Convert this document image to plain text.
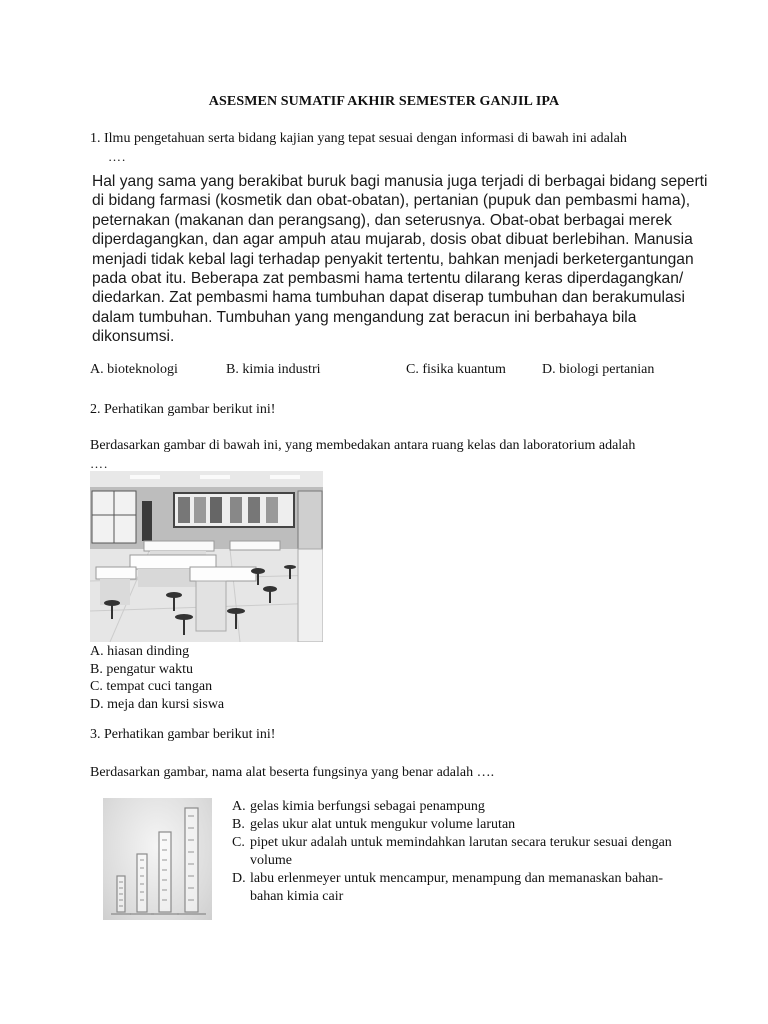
ASESMEN SUMATIF AKHIR SEMESTER GANJIL IPA
1. Ilmu pengetahuan serta bidang kajian yang tepat sesuai dengan informasi di bawah ini adalah
….
Hal yang sama yang berakibat buruk bagi manusia juga terjadi di berbagai bidang seperti
di bidang farmasi (kosmetik dan obat-obatan), pertanian (pupuk dan pembasmi hama),
peternakan (makanan dan perangsang), dan seterusnya. Obat-obat berbagai merek
diperdagangkan, dan agar ampuh atau mujarab, dosis obat dibuat berlebihan. Manusia
menjadi tidak kebal lagi terhadap penyakit tertentu, bahkan menjadi berketergantungan
pada obat itu. Beberapa zat pembasmi hama tertentu dilarang keras diperdagangkan/
diedarkan. Zat pembasmi hama tumbuhan dapat diserap tumbuhan dan berakumulasi
dalam tumbuhan. Tumbuhan yang mengandung zat beracun ini berbahaya bila
dikonsumsi.
A. bioteknologi	B. kimia industri	C. fisika kuantum	D. biologi pertanian
2. Perhatikan gambar berikut ini!
Berdasarkan gambar di bawah ini, yang membedakan antara ruang kelas dan laboratorium adalah
….
A. hiasan dinding
B. pengatur waktu
C. tempat cuci tangan
D. meja dan kursi siswa
3. Perhatikan gambar berikut ini!
Berdasarkan gambar, nama alat beserta fungsinya yang benar adalah ….
A. gelas kimia berfungsi sebagai penampung
B. gelas ukur alat untuk mengukur volume larutan
C. pipet ukur adalah untuk memindahkan larutan secara terukur sesuai dengan volume
D. labu erlenmeyer untuk mencampur, menampung dan memanaskan bahan-bahan kimia cair
